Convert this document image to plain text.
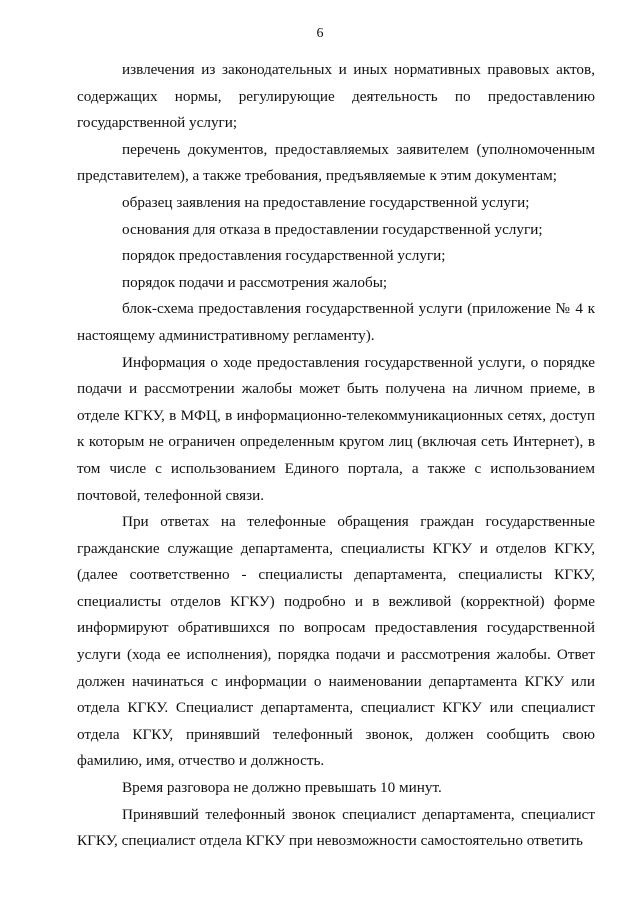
6

извлечения из законодательных и иных нормативных правовых актов,
содержащих нормы, регулирующие деятельность по предоставлению
государственной услуги;

перечень документов, предоставляемых заявителем (уполномоченным
представителем), а также требования, предъявляемые к этим документам;

образец заявления на предоставление государственной услуги;

основания для отказа в предоставлении государственной услуги;

порядок предоставления государственной услуги;

порядок подачи и рассмотрения жалобы;

блок-схема предоставления государственной услуги (приложение № 4 к
настоящему административному регламенту).

Информация о ходе предоставления государственной услуги, о порядке
подачи и рассмотрении жалобы может быть получена на личном приеме, в
отделе КГКУ, в МФЦ, в информационно-телекоммуникационных сетях, доступ
к которым не ограничен определенным кругом лиц (включая сеть Интернет), в
том числе с использованием Единого портала, а также с использованием
почтовой, телефонной связи.

При ответах на телефонные обращения граждан государственные
гражданские служащие департамента, специалисты КГКУ и отделов КГКУ,
(далее соответственно - специалисты департамента, специалисты КГКУ,
специалисты отделов КГКУ) подробно и в вежливой (корректной) форме
информируют обратившихся по вопросам предоставления государственной
услуги (хода ее исполнения), порядка подачи и рассмотрения жалобы. Ответ
должен начинаться с информации о наименовании департамента КГКУ или
отдела КГКУ. Специалист департамента, специалист КГКУ или специалист
отдела КГКУ, принявший телефонный звонок, должен сообщить свою
фамилию, имя, отчество и должность.

Время разговора не должно превышать 10 минут.

Принявший телефонный звонок специалист департамента, специалист
КГКУ, специалист отдела КГКУ при невозможности самостоятельно ответить
